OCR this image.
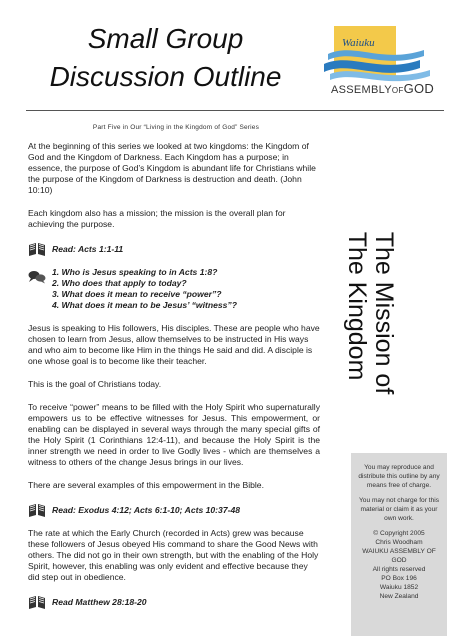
Small Group
Discussion Outline
Waiuku
ASSEMBLYOFGOD
Part Five in Our “Living in the Kingdom of God” Series

At the beginning of this series we looked at two kingdoms: the Kingdom of God and the Kingdom of Darkness. Each Kingdom has a purpose; in essence, the purpose of God’s Kingdom is abundant life for Christians while the purpose of the Kingdom of Darkness is destruction and death. (John 10:10)

Each kingdom also has a mission; the mission is the overall plan for achieving the purpose.

Read: Acts 1:1-11
1. Who is Jesus speaking to in Acts 1:8?
2. Who does that apply to today?
3. What does it mean to receive “power”?
4. What does it mean to be Jesus’ “witness”?

Jesus is speaking to His followers, His disciples. These are people who have chosen to learn from Jesus, allow themselves to be instructed in His ways and who aim to become like Him in the things He said and did. A disciple is one whose goal is to become like their teacher.

This is the goal of Christians today.

To receive “power” means to be filled with the Holy Spirit who supernaturally empowers us to be effective witnesses for Jesus. This empowerment, or enabling can be displayed in several ways through the many special gifts of the Holy Spirit (1 Corinthians 12:4-11), and because the Holy Spirit is the inner strength we need in order to live Godly lives - which are themselves a witness to others of the change Jesus brings in our lives.

There are several examples of this empowerment in the Bible.

Read: Exodus 4:12; Acts 6:1-10; Acts 10:37-48

The rate at which the Early Church (recorded in Acts) grew was because these followers of Jesus obeyed His command to share the Good News with others. The did not go in their own strength, but with the enabling of the Holy Spirit, however, this enabling was only evident and effective because they did step out in obedience.

Read Matthew 28:18-20
The Mission of
The Kingdom

You may reproduce and distribute this outline by any means free of charge.

You may not charge for this material or claim it as your own work.

© Copyright 2005
Chris Woodham
WAIUKU ASSEMBLY OF GOD
All rights reserved
PO Box 196
Waiuku 1852
New Zealand
